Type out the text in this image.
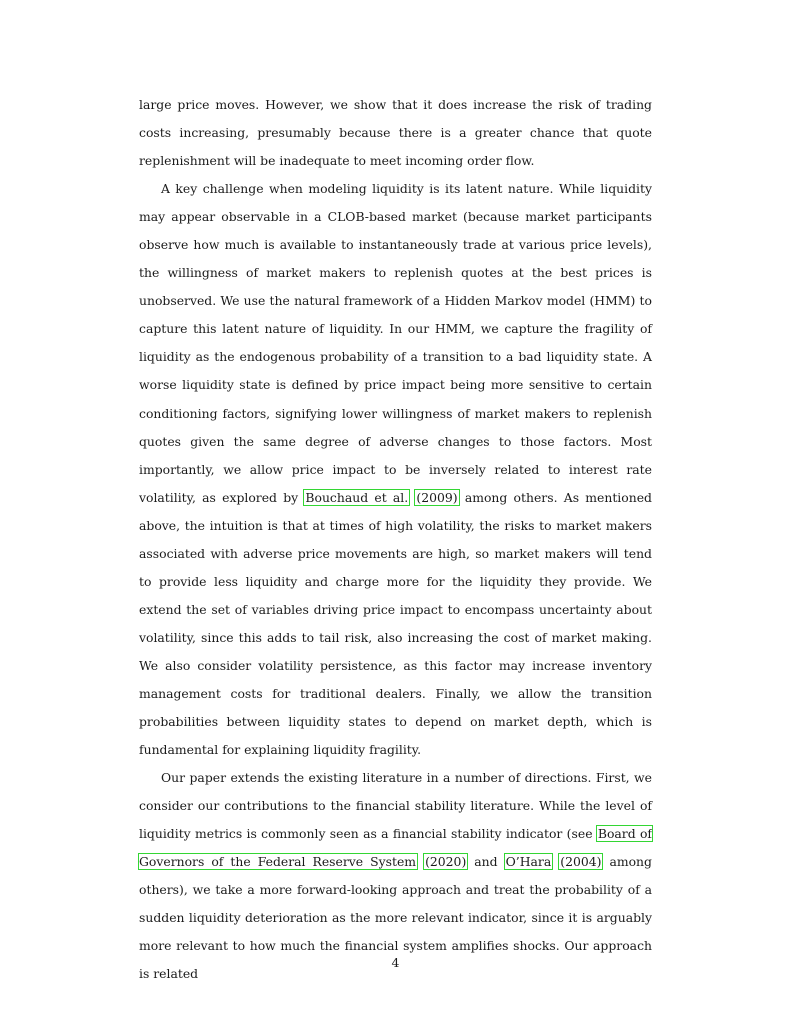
large price moves. However, we show that it does increase the risk of trading costs increasing, presumably because there is a greater chance that quote replenishment will be inadequate to meet incoming order flow.

A key challenge when modeling liquidity is its latent nature. While liquidity may appear observable in a CLOB-based market (because market participants observe how much is available to instantaneously trade at various price levels), the willingness of market makers to replenish quotes at the best prices is unobserved. We use the natural framework of a Hidden Markov model (HMM) to capture this latent nature of liquidity. In our HMM, we capture the fragility of liquidity as the endogenous probability of a transition to a bad liquidity state. A worse liquidity state is defined by price impact being more sensitive to certain conditioning factors, signifying lower willingness of market makers to replenish quotes given the same degree of adverse changes to those factors. Most importantly, we allow price impact to be inversely related to interest rate volatility, as explored by Bouchaud et al. (2009) among others. As mentioned above, the intuition is that at times of high volatility, the risks to market makers associated with adverse price movements are high, so market makers will tend to provide less liquidity and charge more for the liquidity they provide. We extend the set of variables driving price impact to encompass uncertainty about volatility, since this adds to tail risk, also increasing the cost of market making. We also consider volatility persistence, as this factor may increase inventory management costs for traditional dealers. Finally, we allow the transition probabilities between liquidity states to depend on market depth, which is fundamental for explaining liquidity fragility.

Our paper extends the existing literature in a number of directions. First, we consider our contributions to the financial stability literature. While the level of liquidity metrics is commonly seen as a financial stability indicator (see Board of Governors of the Federal Reserve System (2020) and O’Hara (2004) among others), we take a more forward-looking approach and treat the probability of a sudden liquidity deterioration as the more relevant indicator, since it is arguably more relevant to how much the financial system amplifies shocks. Our approach is related

4
